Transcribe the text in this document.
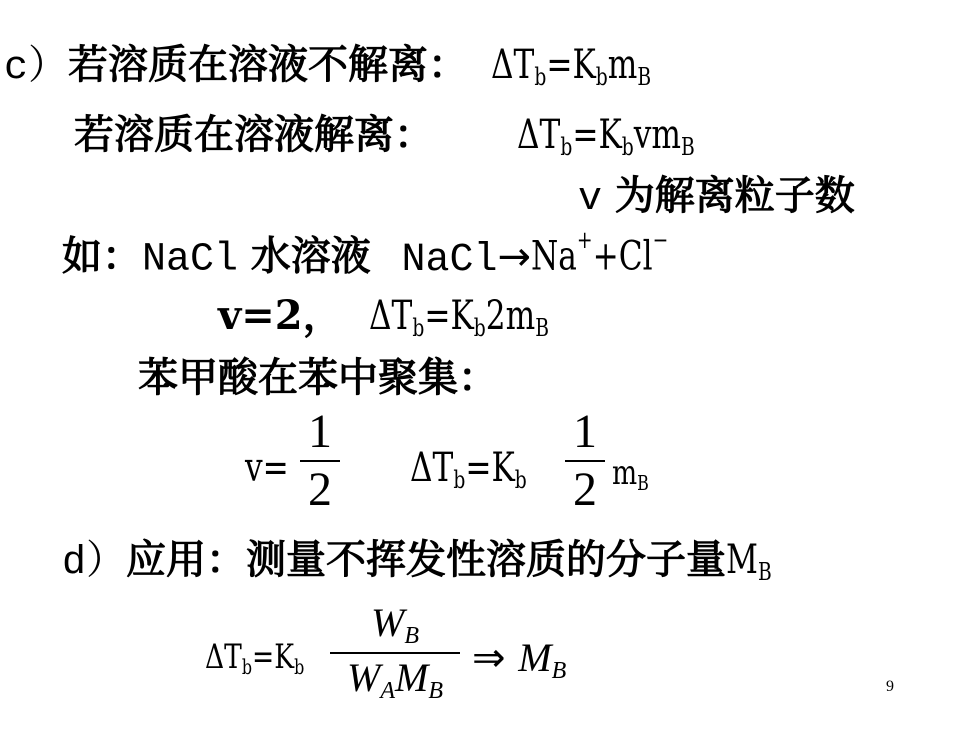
c）若溶质在溶液不解离： $\Delta T_b=K_bm_B$
若溶质在溶液解离： $\Delta T_b=K_bvm_B$
v 为解离粒子数
如：NaCl 水溶液 NaCl→Na++Cl−
v=2， $\Delta T_b=K_b2m_B$
苯甲酸在苯中聚集：
v=
1
2 $\Delta T_b=K_b$
1
2 $m_B$
d）应用：测量不挥发性溶质的分子量$M_B$
$\Delta T_b=K_b$
$W_B$
$W_AM_B$
⇒ $M_B$
9
